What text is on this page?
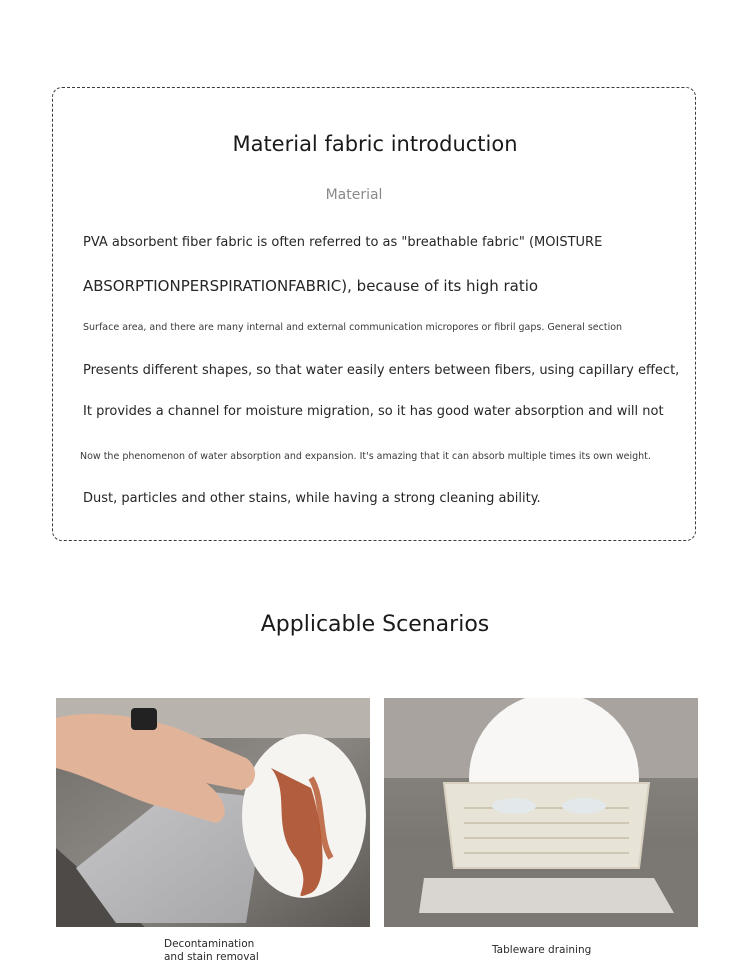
Material fabric introduction
Material
PVA absorbent fiber fabric is often referred to as "breathable fabric" (MOISTURE
ABSORPTIONPERSPIRATIONFABRIC), because of its high ratio
Surface area, and there are many internal and external communication micropores or fibril gaps. General section
Presents different shapes, so that water easily enters between fibers, using capillary effect,
It provides a channel for moisture migration, so it has good water absorption and will not
Now the phenomenon of water absorption and expansion. It's amazing that it can absorb multiple times its own weight.
Dust, particles and other stains, while having a strong cleaning ability.
Applicable Scenarios
Decontamination
and stain removal
Tableware draining
